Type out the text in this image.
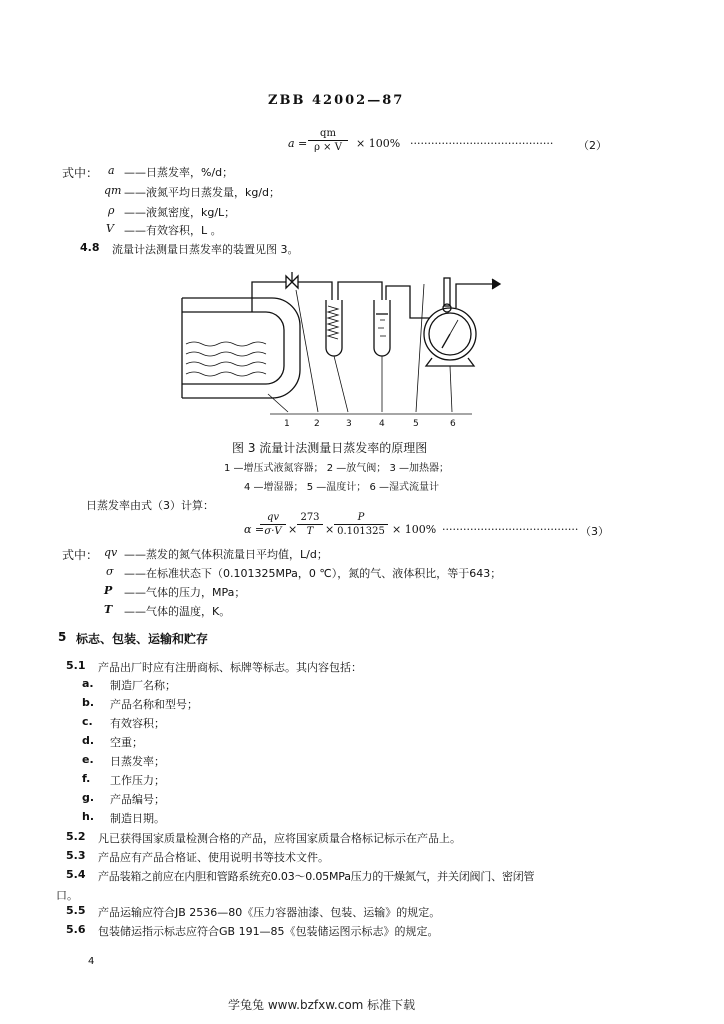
ZBB 42002—87
$a = \frac{qm}{\rho \times V} \times 100\%$ ········································· （2）
式中： a ——日蒸发率，%/d；
qm ——液氮平均日蒸发量，kg/d；
ρ ——液氮密度，kg/L；
V ——有效容积，L 。
4.8 流量计法测量日蒸发率的装置见图 3。
1	2	3	4	5	6
图 3 流量计法测量日蒸发率的原理图
1 —增压式液氮容器； 2 —放气阀； 3 —加热器；
4 —增湿器； 5 —温度计； 6 —湿式流量计
日蒸发率由式（3）计算：
α =
$\frac{qv}{\sigma\cdot V} \times \frac{273}{T} \times \frac{P}{0.101325} \times 100\%$ ······································· （3）
式中： qv ——蒸发的氮气体积流量日平均值，L/d；
σ ——在标准状态下（0.101325MPa，0 ℃），氮的气、液体积比，等于643；
P ——气体的压力，MPa；
T ——气体的温度，K。
5 标志、包装、运输和贮存
5.1 产品出厂时应有注册商标、标牌等标志。其内容包括：
a. 制造厂名称；
b. 产品名称和型号；
c. 有效容积；
d. 空重；
e. 日蒸发率；
f. 工作压力；
g. 产品编号；
h. 制造日期。
5.2 凡已获得国家质量检测合格的产品，应将国家质量合格标记标示在产品上。
5.3 产品应有产品合格证、使用说明书等技术文件。
5.4 产品装箱之前应在内胆和管路系统充0.03～0.05MPa压力的干燥氮气，并关闭阀门、密闭管
口。
5.5 产品运输应符合JB 2536—80《压力容器油漆、包装、运输》的规定。
5.6 包装储运指示标志应符合GB 191—85《包装储运图示标志》的规定。
4
学兔兔 www.bzfxw.com 标准下载
